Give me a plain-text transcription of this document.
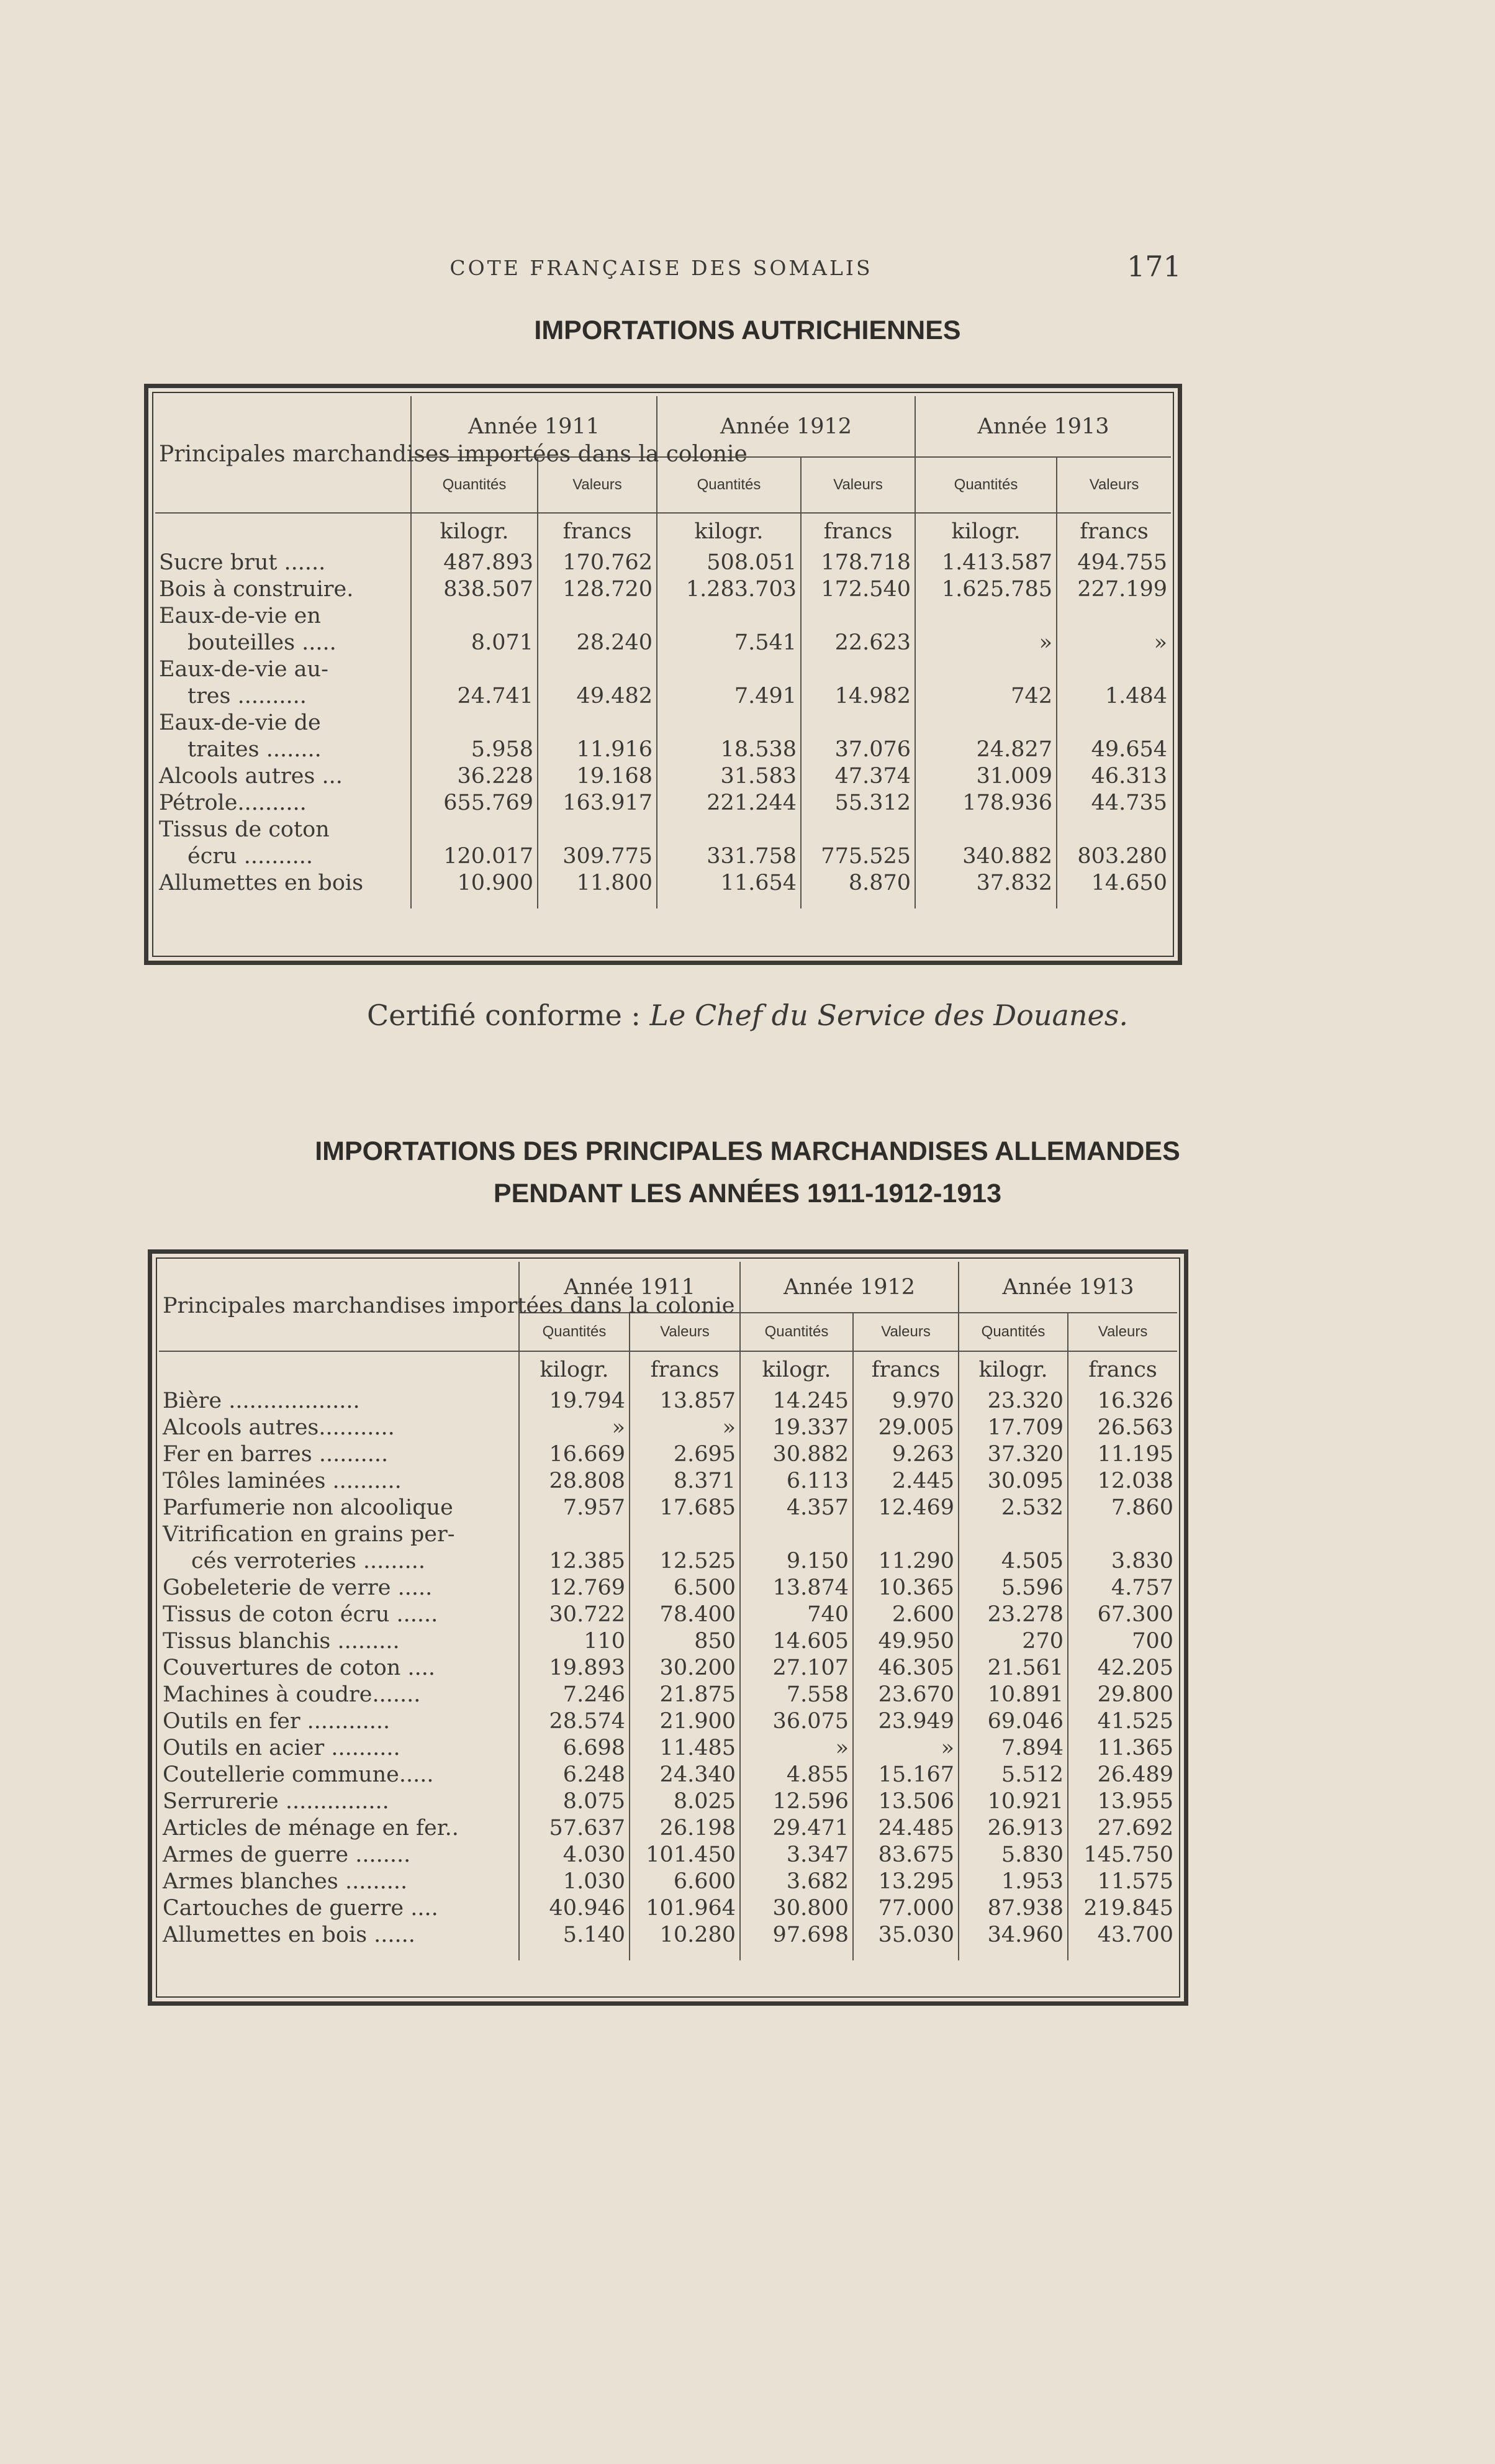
COTE FRANÇAISE DES SOMALIS	171
IMPORTATIONS AUTRICHIENNES
Principales marchandises importées dans la colonie	Année 1911		Année 1912		Année 1913	
	Quantités	Valeurs	Quantités	Valeurs	Quantités	Valeurs
	kilogr.	francs	kilogr.	francs	kilogr.	francs
Sucre brut ......	487.893	170.762	508.051	178.718	1.413.587	494.755
Bois à construire.	838.507	128.720	1.283.703	172.540	1.625.785	227.199
Eaux-de-vie en						
bouteilles .....	8.071	28.240	7.541	22.623	»	»
Eaux-de-vie au-						
tres ..........	24.741	49.482	7.491	14.982	742	1.484
Eaux-de-vie de						
traites ........	5.958	11.916	18.538	37.076	24.827	49.654
Alcools autres ...	36.228	19.168	31.583	47.374	31.009	46.313
Pétrole..........	655.769	163.917	221.244	55.312	178.936	44.735
Tissus de coton						
écru ..........	120.017	309.775	331.758	775.525	340.882	803.280
Allumettes en bois	10.900	11.800	11.654	8.870	37.832	14.650

Certifié conforme : Le Chef du Service des Douanes.
IMPORTATIONS DES PRINCIPALES MARCHANDISES ALLEMANDES
PENDANT LES ANNÉES 1911-1912-1913
Principales marchandises importées dans la colonie	Année 1911		Année 1912		Année 1913	
	Quantités	Valeurs	Quantités	Valeurs	Quantités	Valeurs
	kilogr.	francs	kilogr.	francs	kilogr.	francs
Bière ...................	19.794	13.857	14.245	9.970	23.320	16.326
Alcools autres...........	»	»	19.337	29.005	17.709	26.563
Fer en barres ..........	16.669	2.695	30.882	9.263	37.320	11.195
Tôles laminées ..........	28.808	8.371	6.113	2.445	30.095	12.038
Parfumerie non alcoolique	7.957	17.685	4.357	12.469	2.532	7.860
Vitrification en grains per-						
cés verroteries .........	12.385	12.525	9.150	11.290	4.505	3.830
Gobeleterie de verre .....	12.769	6.500	13.874	10.365	5.596	4.757
Tissus de coton écru ......	30.722	78.400	740	2.600	23.278	67.300
Tissus blanchis .........	110	850	14.605	49.950	270	700
Couvertures de coton ....	19.893	30.200	27.107	46.305	21.561	42.205
Machines à coudre.......	7.246	21.875	7.558	23.670	10.891	29.800
Outils en fer ............	28.574	21.900	36.075	23.949	69.046	41.525
Outils en acier ..........	6.698	11.485	»	»	7.894	11.365
Coutellerie commune.....	6.248	24.340	4.855	15.167	5.512	26.489
Serrurerie ...............	8.075	8.025	12.596	13.506	10.921	13.955
Articles de ménage en fer..	57.637	26.198	29.471	24.485	26.913	27.692
Armes de guerre ........	4.030	101.450	3.347	83.675	5.830	145.750
Armes blanches .........	1.030	6.600	3.682	13.295	1.953	11.575
Cartouches de guerre ....	40.946	101.964	30.800	77.000	87.938	219.845
Allumettes en bois ......	5.140	10.280	97.698	35.030	34.960	43.700
